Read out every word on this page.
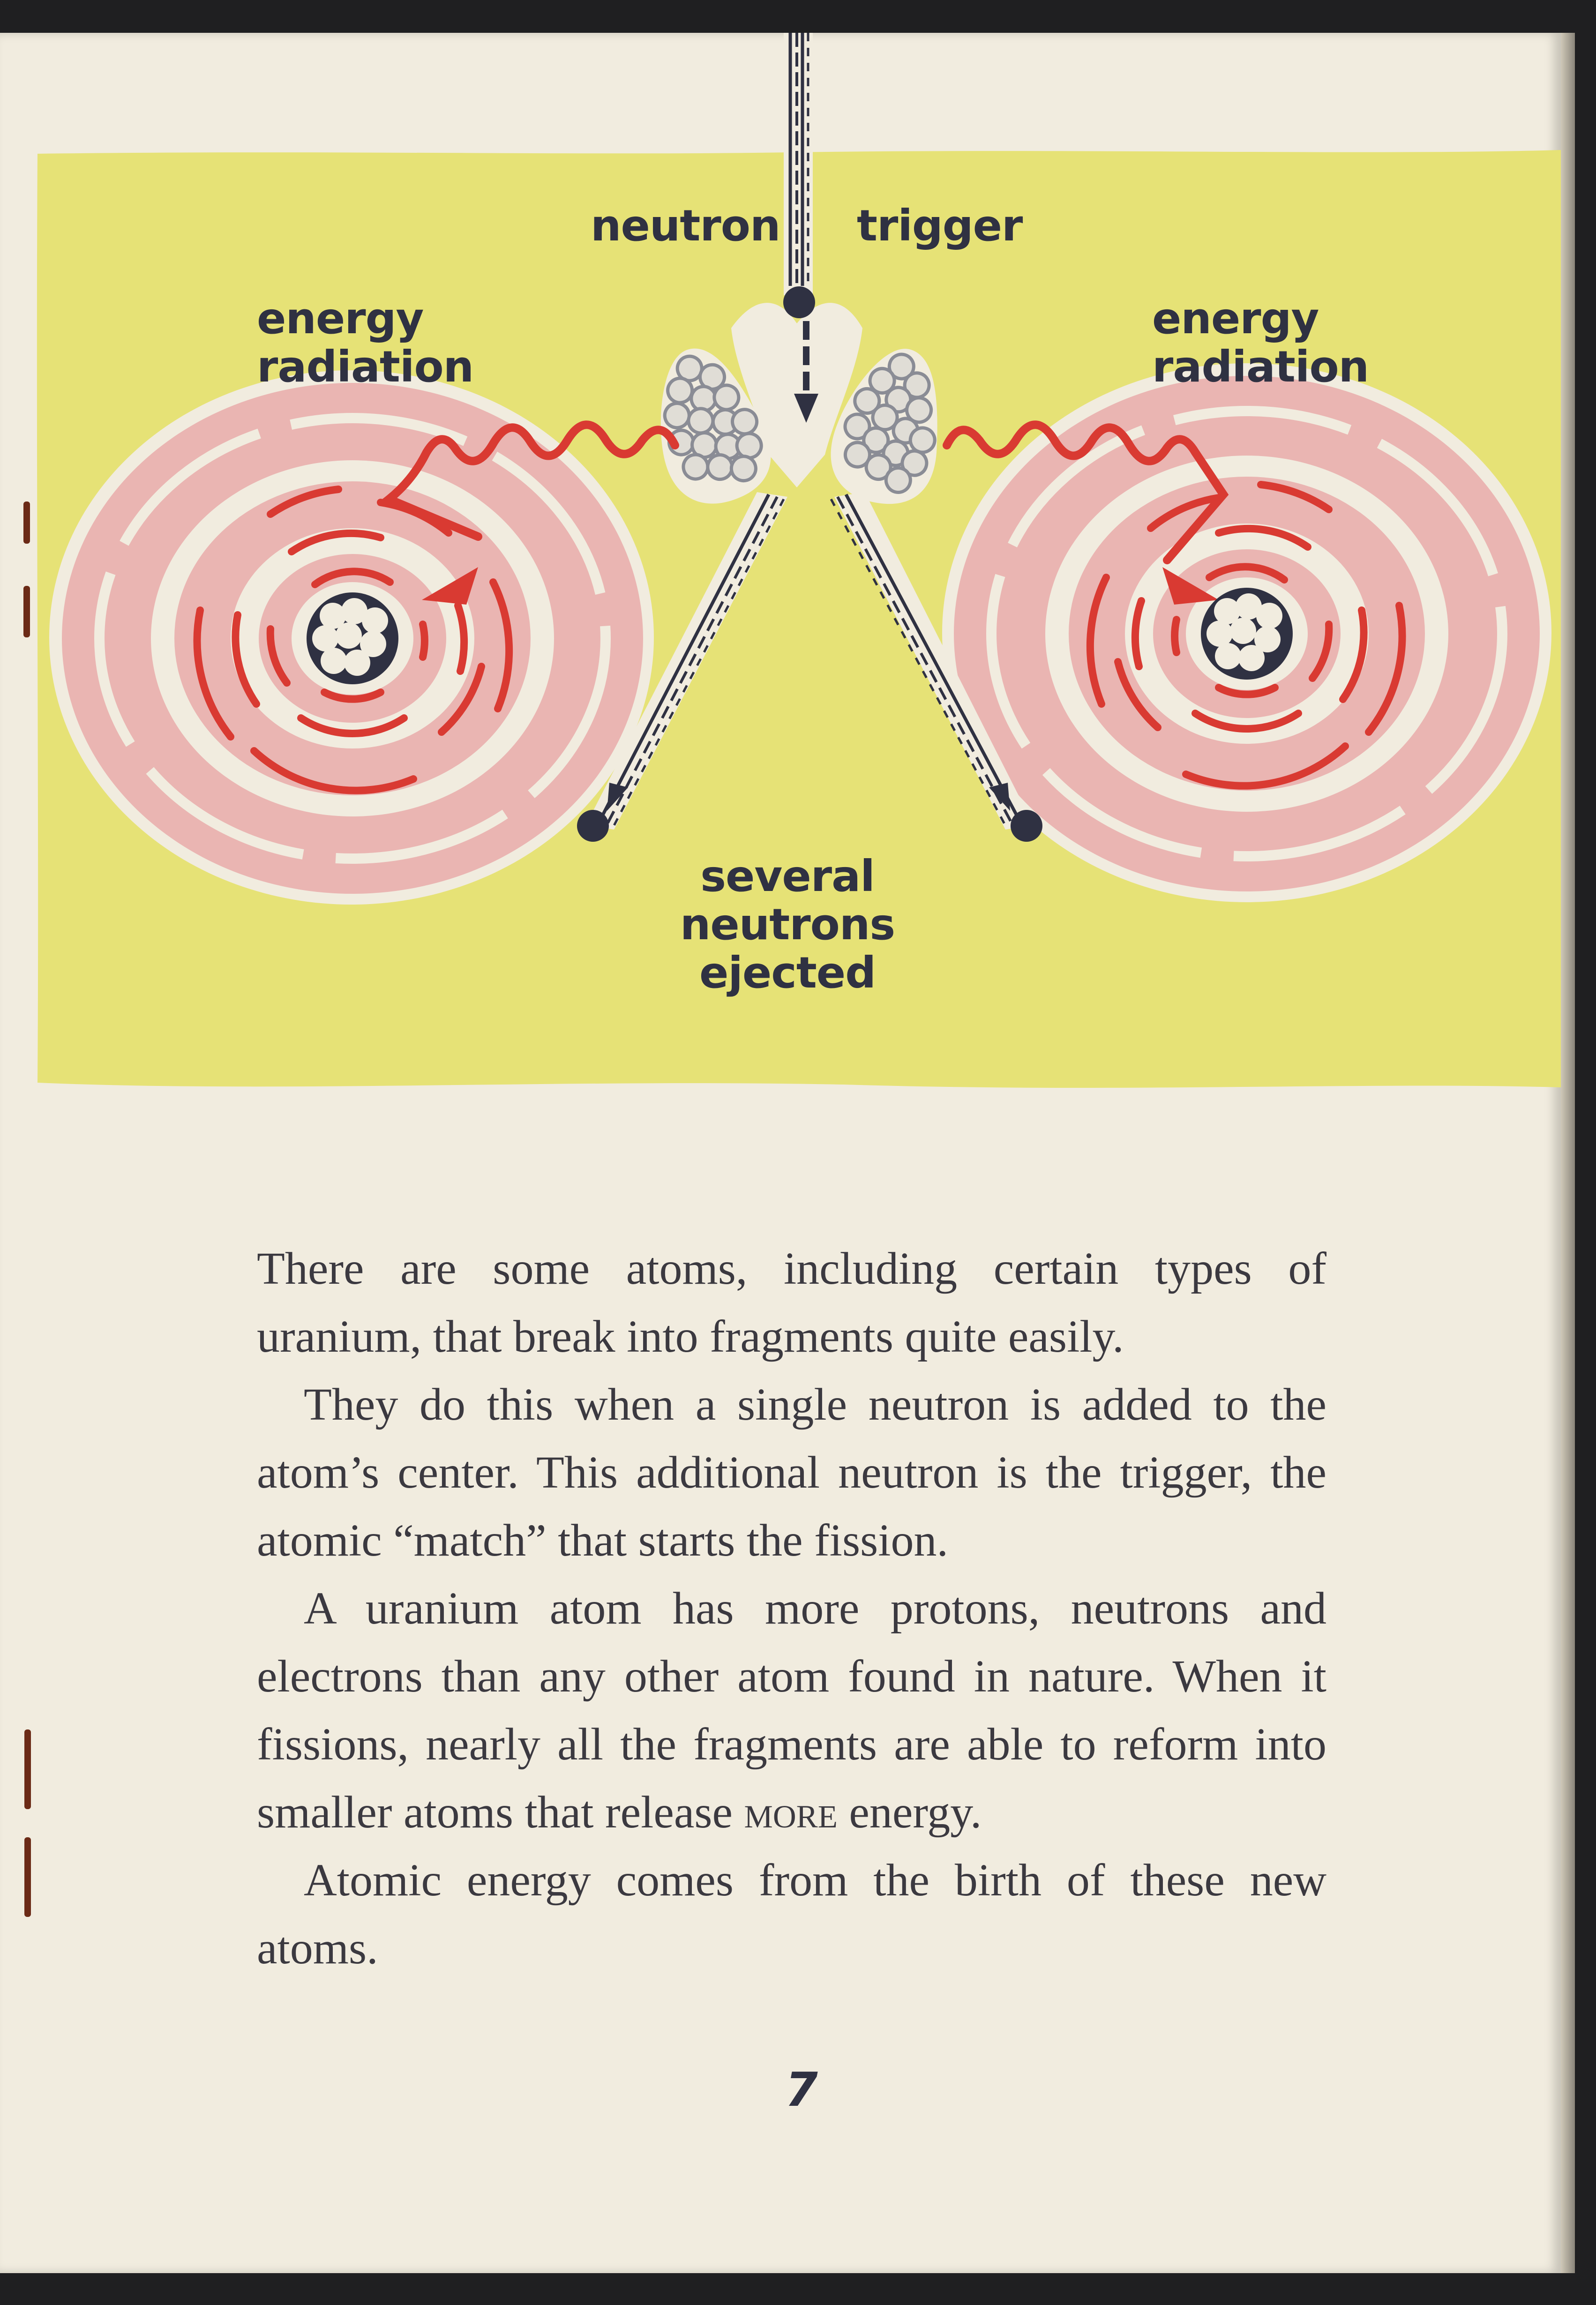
neutron trigger

energy
radiation

energy
radiation

several neutrons
ejected

There are some atoms, including certain types of uranium, that break into fragments quite easily.

They do this when a single neutron is added to the atom’s center. This additional neutron is the trigger, the atomic “match” that starts the fission.

A uranium atom has more protons, neutrons and electrons than any other atom found in nature. When it fissions, nearly all the fragments are able to reform into smaller atoms that release more energy.

Atomic energy comes from the birth of these new atoms.

7
